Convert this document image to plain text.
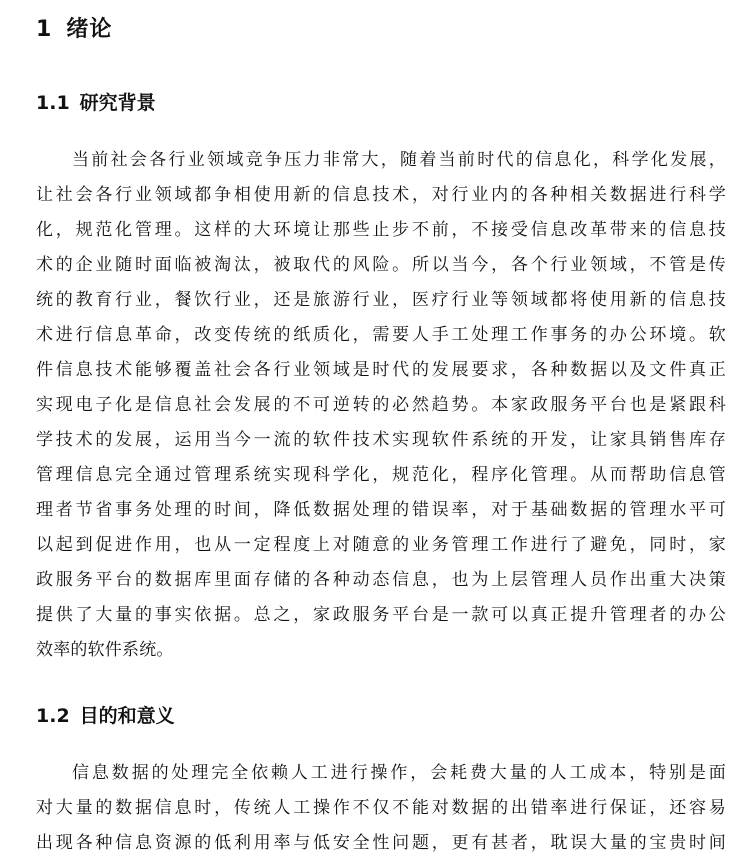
1 绪论
1.1 研究背景
当前社会各行业领域竞争压力非常大，随着当前时代的信息化，科学化发展，
让社会各行业领域都争相使用新的信息技术，对行业内的各种相关数据进行科学
化，规范化管理。这样的大环境让那些止步不前，不接受信息改革带来的信息技
术的企业随时面临被淘汰，被取代的风险。所以当今，各个行业领域，不管是传
统的教育行业，餐饮行业，还是旅游行业，医疗行业等领域都将使用新的信息技
术进行信息革命，改变传统的纸质化，需要人手工处理工作事务的办公环境。软
件信息技术能够覆盖社会各行业领域是时代的发展要求，各种数据以及文件真正
实现电子化是信息社会发展的不可逆转的必然趋势。本家政服务平台也是紧跟科
学技术的发展，运用当今一流的软件技术实现软件系统的开发，让家具销售库存
管理信息完全通过管理系统实现科学化，规范化，程序化管理。从而帮助信息管
理者节省事务处理的时间，降低数据处理的错误率，对于基础数据的管理水平可
以起到促进作用，也从一定程度上对随意的业务管理工作进行了避免，同时，家
政服务平台的数据库里面存储的各种动态信息，也为上层管理人员作出重大决策
提供了大量的事实依据。总之，家政服务平台是一款可以真正提升管理者的办公
效率的软件系统。
1.2 目的和意义
信息数据的处理完全依赖人工进行操作，会耗费大量的人工成本，特别是面
对大量的数据信息时，传统人工操作不仅不能对数据的出错率进行保证，还容易
出现各种信息资源的低利用率与低安全性问题，更有甚者，耽误大量的宝贵时间
